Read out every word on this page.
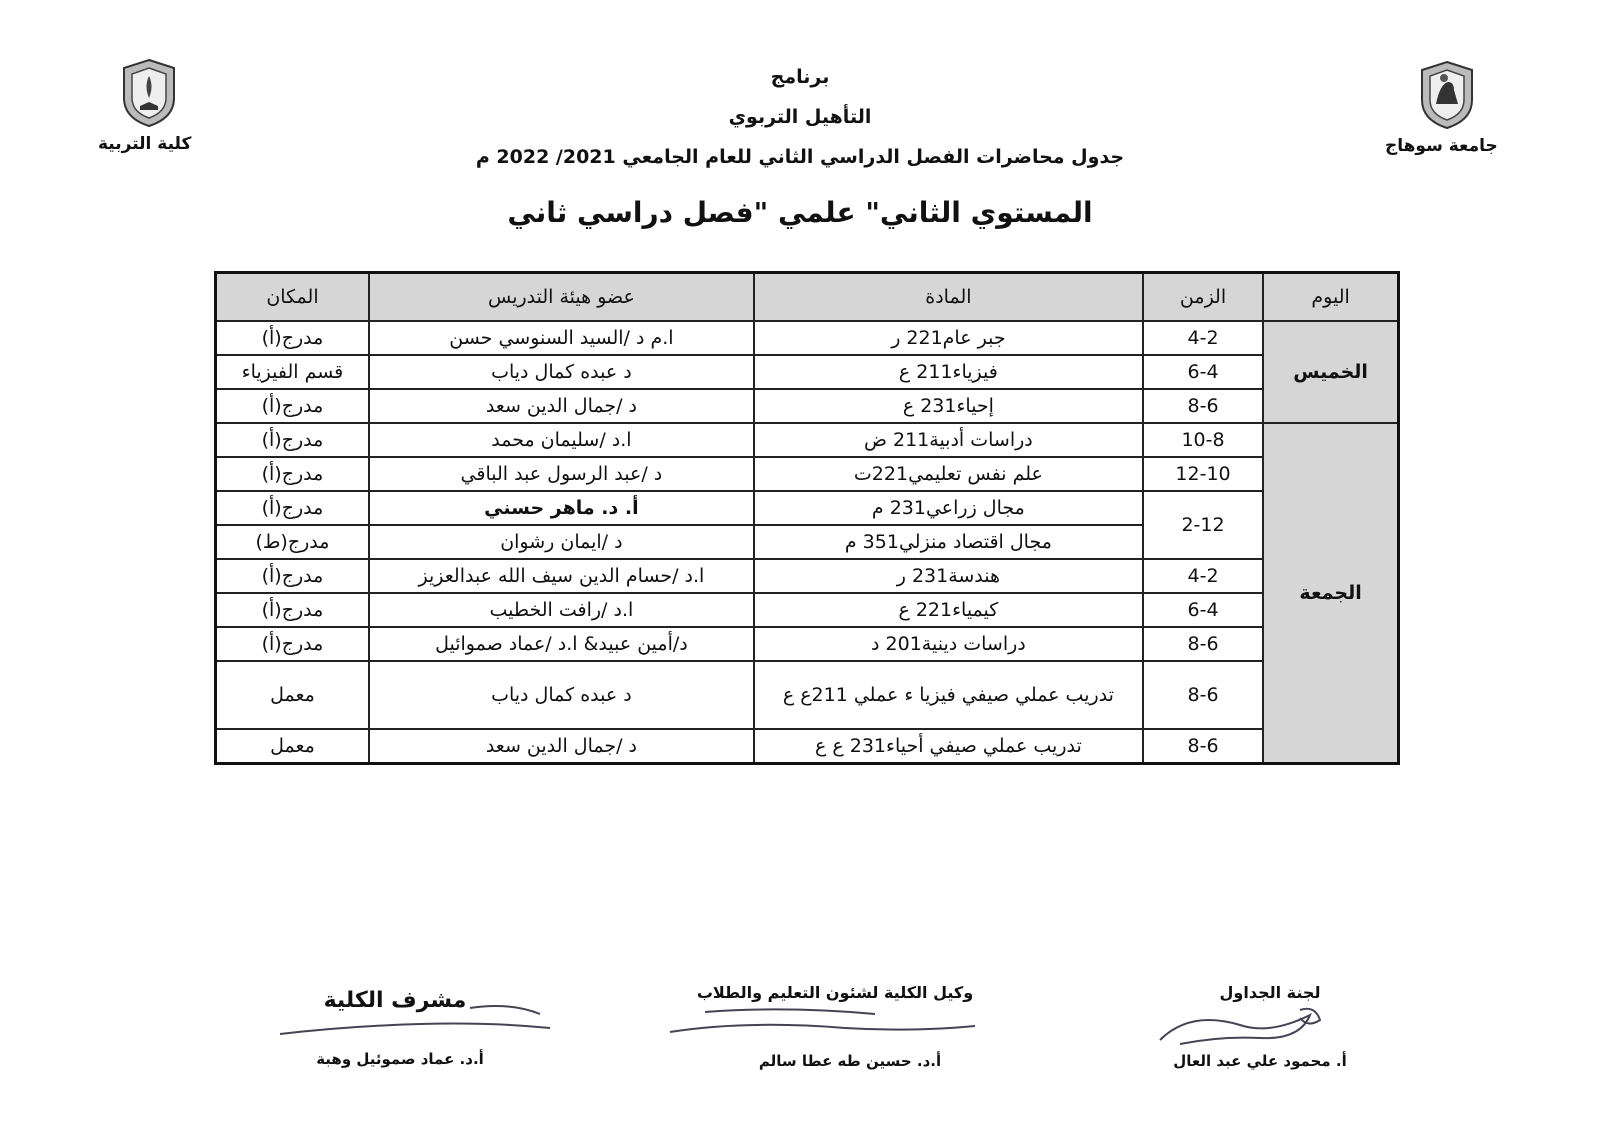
جامعة سوهاج
كلية التربية
برنامج
التأهيل التربوي
جدول محاضرات الفصل الدراسي الثاني للعام الجامعي 2021/ 2022 م
المستوي الثاني" علمي "فصل دراسي ثاني
اليوم	الزمن	المادة	عضو هيئة التدريس	المكان
الخميس	4-2	جبر عام221 ر	ا.م د /السيد السنوسي حسن	مدرج(أ)
	6-4	فيزياء211 ع	د عبده كمال دياب	قسم الفيزياء
	8-6	إحياء231 ع	د /جمال الدين سعد	مدرج(أ)
الجمعة	10-8	دراسات أدبية211 ض	ا.د /سليمان محمد	مدرج(أ)
	12-10	علم نفس تعليمي221ت	د /عبد الرسول عبد الباقي	مدرج(أ)
	2-12	مجال زراعي231 م	أ. د. ماهر حسني	مدرج(أ)
		مجال اقتصاد منزلي351 م	د /ايمان رشوان	مدرج(ط)
	4-2	هندسة231 ر	ا.د /حسام الدين سيف الله عبدالعزيز	مدرج(أ)
	6-4	كيمياء221 ع	ا.د /رافت الخطيب	مدرج(أ)
	8-6	دراسات دينية201 د	د/أمين عبيد& ا.د /عماد صموائيل	مدرج(أ)
	8-6	تدريب عملي صيفي فيزيا ء عملي 211ع ع	د عبده كمال دياب	معمل
	8-6	تدريب عملي صيفي أحياء231 ع ع	د /جمال الدين سعد	معمل
لجنة الجداول
أ. محمود علي عبد العال
وكيل الكلية لشئون التعليم والطلاب
أ.د. حسين طه عطا سالم
مشرف الكلية
أ.د. عماد صموئيل وهبة
